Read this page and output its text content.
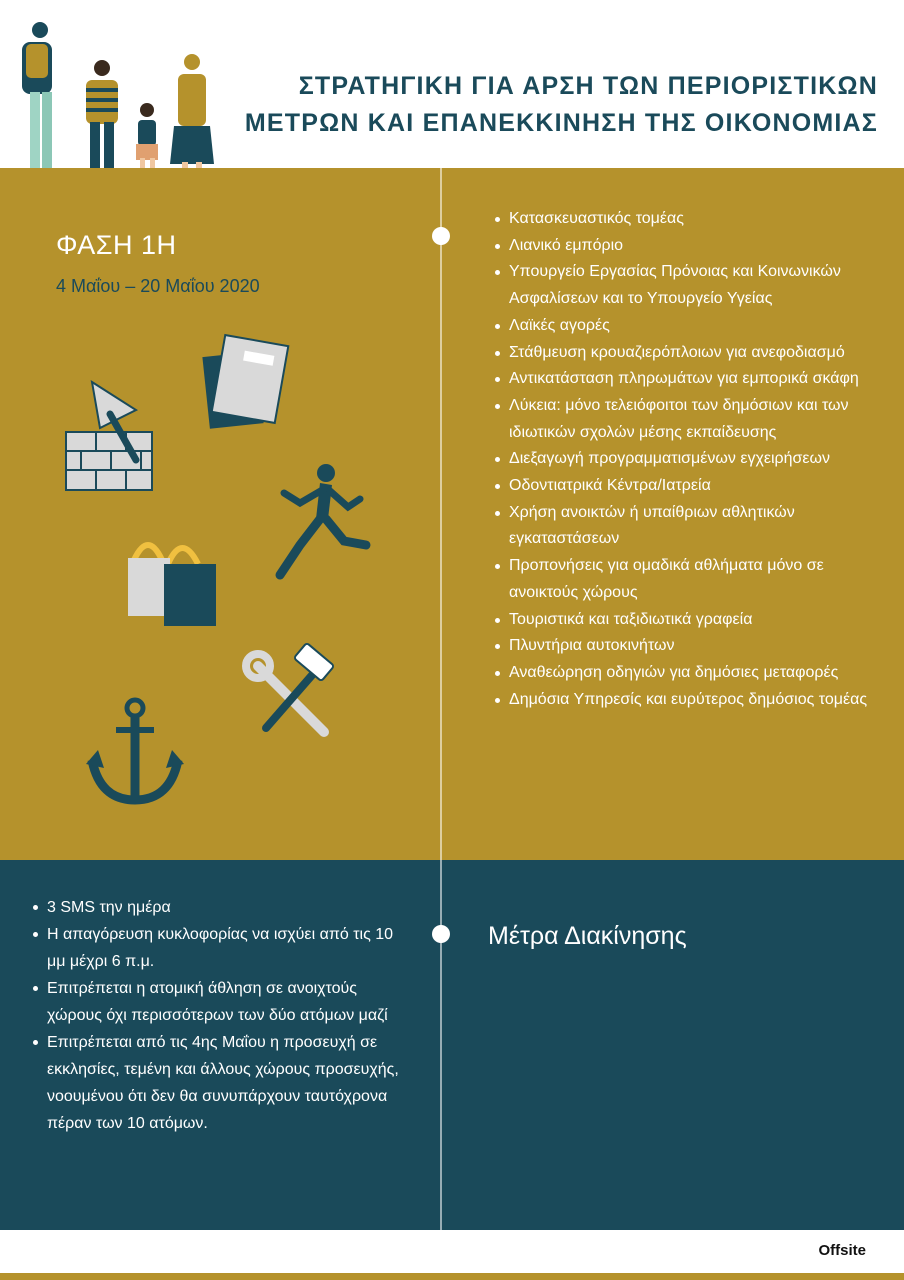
ΣΤΡΑΤΗΓΙΚΗ ΓΙΑ ΑΡΣΗ ΤΩΝ ΠΕΡΙΟΡΙΣΤΙΚΩΝ
ΜΕΤΡΩΝ ΚΑΙ ΕΠΑΝΕΚΚΙΝΗΣΗ ΤΗΣ ΟΙΚΟΝΟΜΙΑΣ
ΦΑΣΗ 1Η
4 Μαΐου – 20 Μαΐου 2020
Κατασκευαστικός τομέας
Λιανικό εμπόριο
Υπουργείο Εργασίας Πρόνοιας και Κοινωνικών Ασφαλίσεων και το Υπουργείο Υγείας
Λαϊκές αγορές
Στάθμευση κρουαζιερόπλοιων για ανεφοδιασμό
Αντικατάσταση πληρωμάτων για εμπορικά σκάφη
Λύκεια: μόνο τελειόφοιτοι των δημόσιων και των ιδιωτικών σχολών μέσης εκπαίδευσης
Διεξαγωγή προγραμματισμένων εγχειρήσεων
Οδοντιατρικά Κέντρα/Ιατρεία
Χρήση ανοικτών ή υπαίθριων αθλητικών εγκαταστάσεων
Προπονήσεις για ομαδικά αθλήματα μόνο σε ανοικτούς χώρους
Τουριστικά και ταξιδιωτικά γραφεία
Πλυντήρια αυτοκινήτων
Αναθεώρηση οδηγιών για δημόσιες μεταφορές
Δημόσια Υπηρεσίς και ευρύτερος δημόσιος τομέας
3 SMS την ημέρα
Η απαγόρευση κυκλοφορίας να ισχύει από τις 10 μμ μέχρι 6 π.μ.
Επιτρέπεται η ατομική άθληση σε ανοιχτούς χώρους όχι περισσότερων των δύο ατόμων μαζί
Επιτρέπεται από τις 4ης Μαΐου η προσευχή σε εκκλησίες, τεμένη και άλλους χώρους προσευχής, νοουμένου ότι δεν θα συνυπάρχουν ταυτόχρονα πέραν των 10 ατόμων.
Μέτρα Διακίνησης
Offsite
